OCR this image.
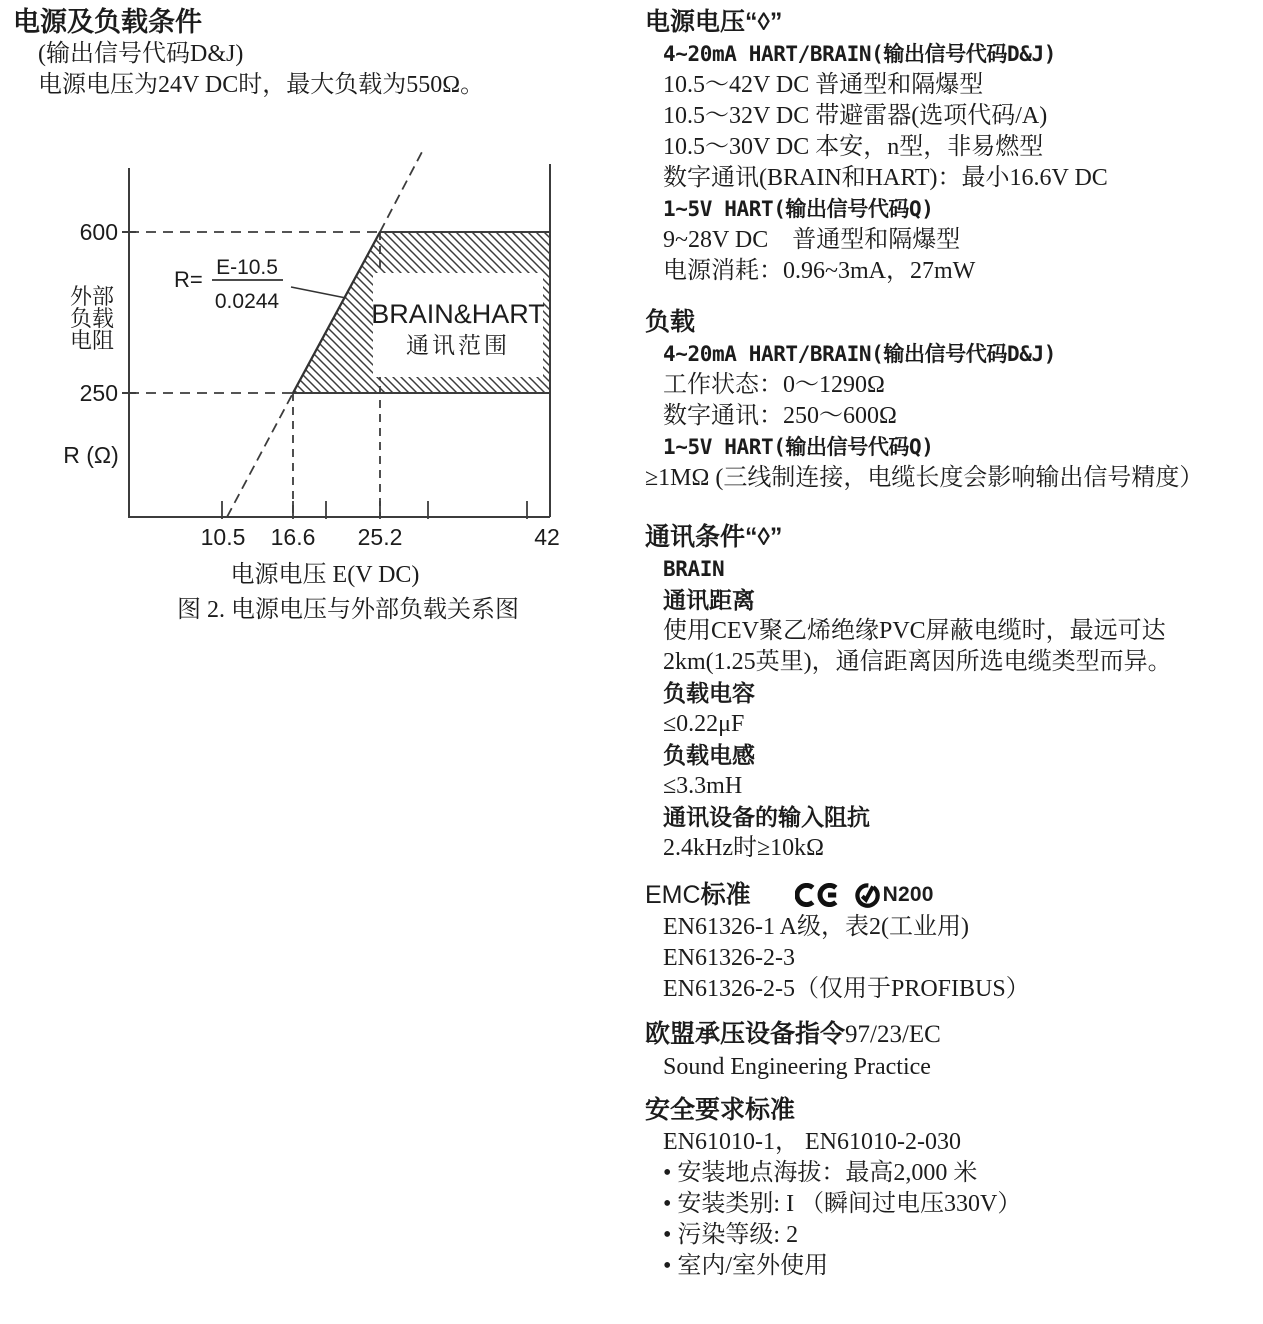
电源及负载条件
(输出信号代码D&J)
电源电压为24V DC时，最大负载为550Ω。
BRAIN&HART
通讯范围
R= E-10.5
0.0244
600
250
外部
负载
电阻
R (Ω)
10.5 16.6 25.2	42
电源电压 E(V DC)
图 2. 电源电压与外部负载关系图
电源电压“◊”
4~20mA HART/BRAIN(输出信号代码D&J)
10.5～42V DC 普通型和隔爆型
10.5～32V DC 带避雷器(选项代码/A)
10.5～30V DC 本安，n型，非易燃型
数字通讯(BRAIN和HART)：最小16.6V DC
1~5V HART(输出信号代码Q)
9~28V DC　普通型和隔爆型
电源消耗：0.96~3mA，27mW
负载
4~20mA HART/BRAIN(输出信号代码D&J)
工作状态：0～1290Ω
数字通讯：250～600Ω
1~5V HART(输出信号代码Q)
≥1MΩ (三线制连接，电缆长度会影响输出信号精度）
通讯条件“◊”
BRAIN
通讯距离
使用CEV聚乙烯绝缘PVC屏蔽电缆时，最远可达
2km(1.25英里)，通信距离因所选电缆类型而异。
负载电容
≤0.22μF
负载电感
≤3.3mH
通讯设备的输入阻抗
2.4kHz时≥10kΩ
EMC 标准	N200
EN61326-1 A级，表2(工业用)
EN61326-2-3
EN61326-2-5（仅用于PROFIBUS）
欧盟承压设备指令97/23/EC
Sound Engineering Practice
安全要求标准
EN61010-1， EN61010-2-030
• 安装地点海拔：最高2,000 米
• 安装类别: I （瞬间过电压330V）
• 污染等级: 2
• 室内/室外使用
